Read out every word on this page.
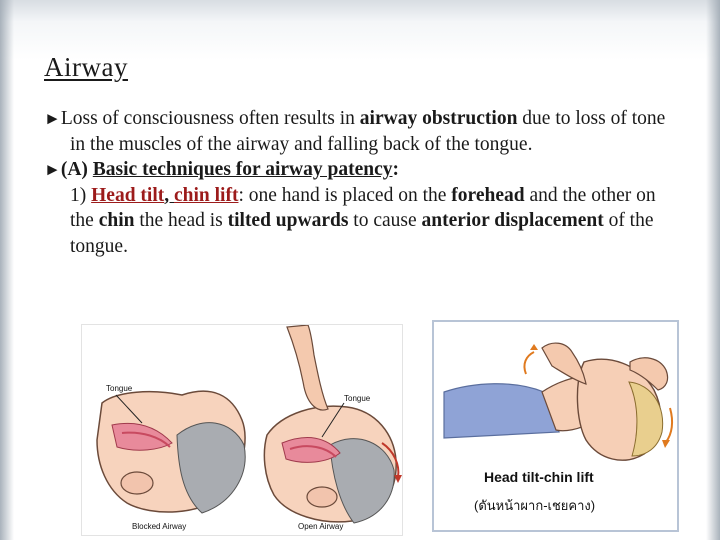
Airway
►Loss of consciousness often results in airway obstruction due to loss of tone in the muscles of the airway and falling back of the tongue.
►(A) Basic techniques for airway patency:
1) Head tilt, chin lift: one hand is placed on the forehead and the other on the chin the head is tilted upwards to cause anterior displacement of the tongue.
Tongue
Blocked Airway
Tongue
Open Airway
Head tilt-chin lift
(ดันหน้าผาก-เชยคาง)
